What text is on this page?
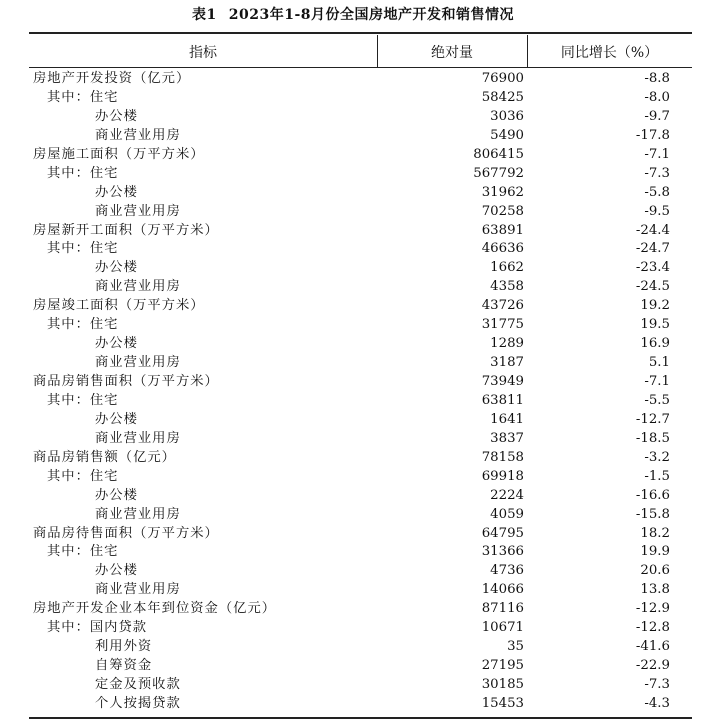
表1 2023年1-8月份全国房地产开发和销售情况
指标	绝对量	同比增长（%）
房地产开发投资（亿元）	76900	-8.8
其中：住宅	58425	-8.0
办公楼	3036	-9.7
商业营业用房	5490	-17.8
房屋施工面积（万平方米）	806415	-7.1
其中：住宅	567792	-7.3
办公楼	31962	-5.8
商业营业用房	70258	-9.5
房屋新开工面积（万平方米）	63891	-24.4
其中：住宅	46636	-24.7
办公楼	1662	-23.4
商业营业用房	4358	-24.5
房屋竣工面积（万平方米）	43726	19.2
其中：住宅	31775	19.5
办公楼	1289	16.9
商业营业用房	3187	5.1
商品房销售面积（万平方米）	73949	-7.1
其中：住宅	63811	-5.5
办公楼	1641	-12.7
商业营业用房	3837	-18.5
商品房销售额（亿元）	78158	-3.2
其中：住宅	69918	-1.5
办公楼	2224	-16.6
商业营业用房	4059	-15.8
商品房待售面积（万平方米）	64795	18.2
其中：住宅	31366	19.9
办公楼	4736	20.6
商业营业用房	14066	13.8
房地产开发企业本年到位资金（亿元）	87116	-12.9
其中：国内贷款	10671	-12.8
利用外资	35	-41.6
自筹资金	27195	-22.9
定金及预收款	30185	-7.3
个人按揭贷款	15453	-4.3
